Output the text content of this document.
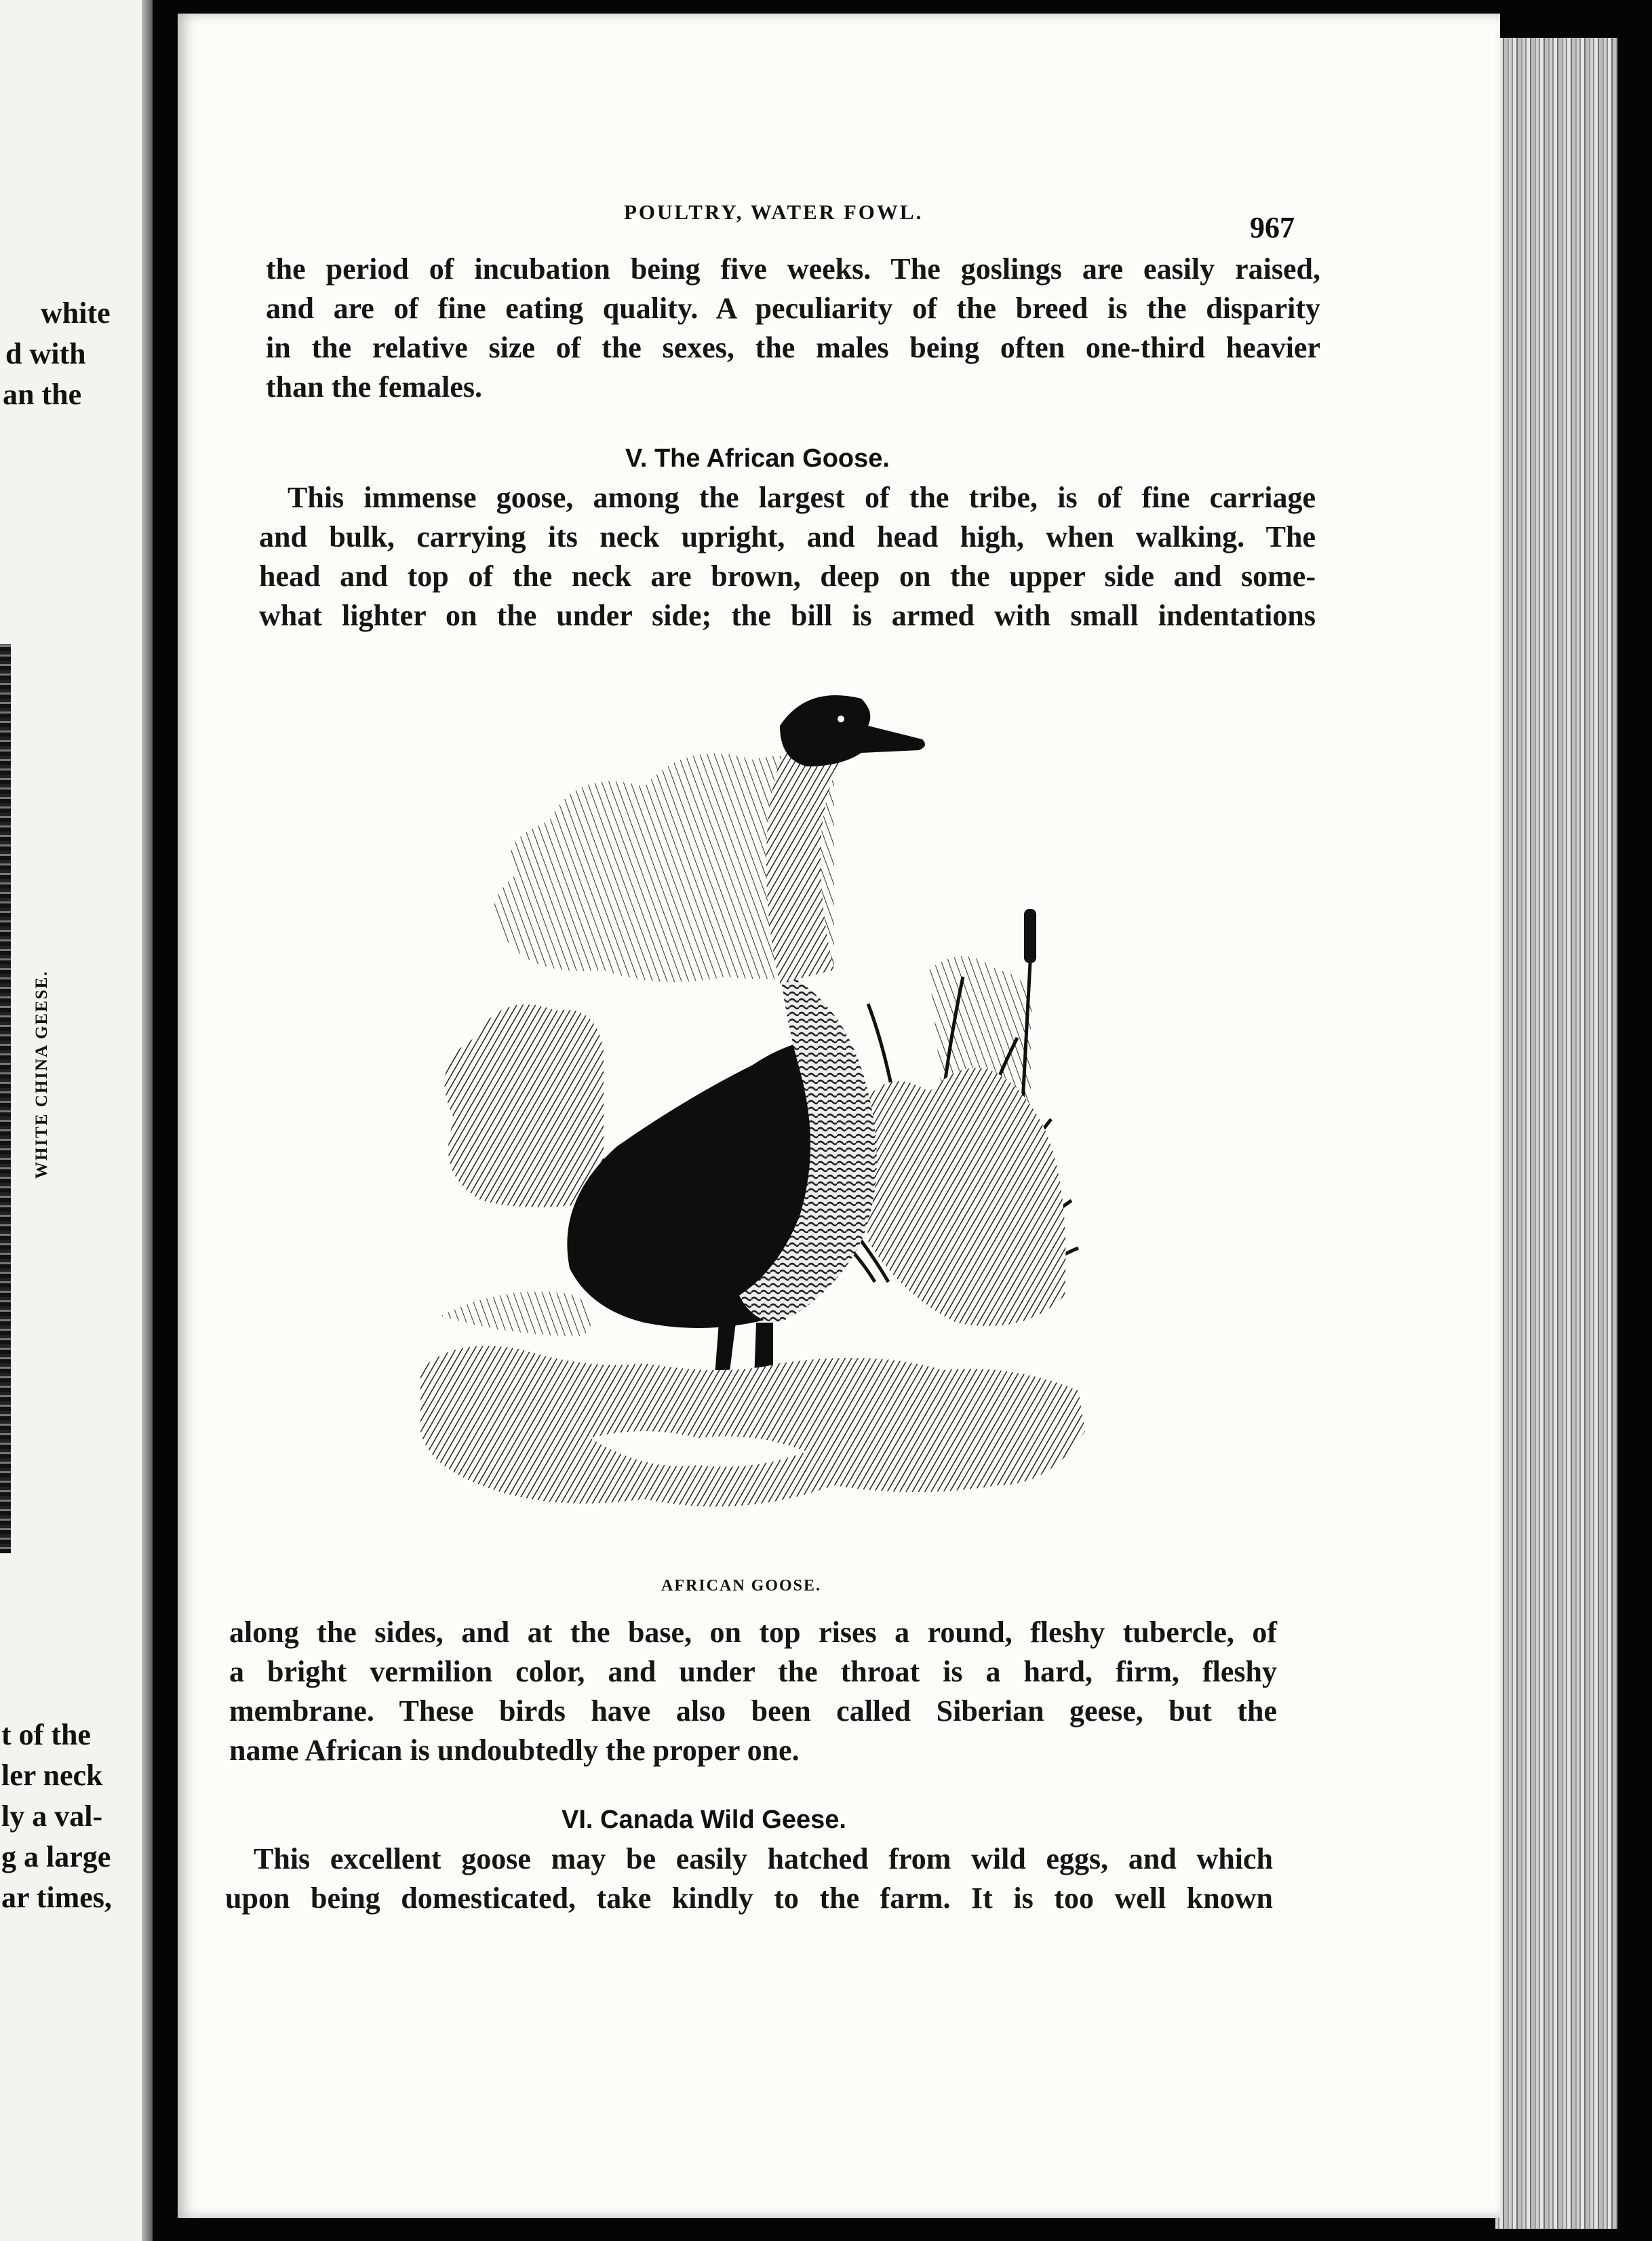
white
d with
an the
WHITE CHINA GEESE.
t of the
ler neck
ly a val-
g a large
ar times,
POULTRY, WATER FOWL.	967
the period of incubation being five weeks. The goslings are easily raised,
and are of fine eating quality. A peculiarity of the breed is the disparity
in the relative size of the sexes, the males being often one-third heavier
than the females.
V. The African Goose.
This immense goose, among the largest of the tribe, is of fine carriage
and bulk, carrying its neck upright, and head high, when walking. The
head and top of the neck are brown, deep on the upper side and some-
what lighter on the under side; the bill is armed with small indentations
AFRICAN GOOSE.
along the sides, and at the base, on top rises a round, fleshy tubercle, of
a bright vermilion color, and under the throat is a hard, firm, fleshy
membrane. These birds have also been called Siberian geese, but the
name African is undoubtedly the proper one.
VI. Canada Wild Geese.
This excellent goose may be easily hatched from wild eggs, and which
upon being domesticated, take kindly to the farm. It is too well known
